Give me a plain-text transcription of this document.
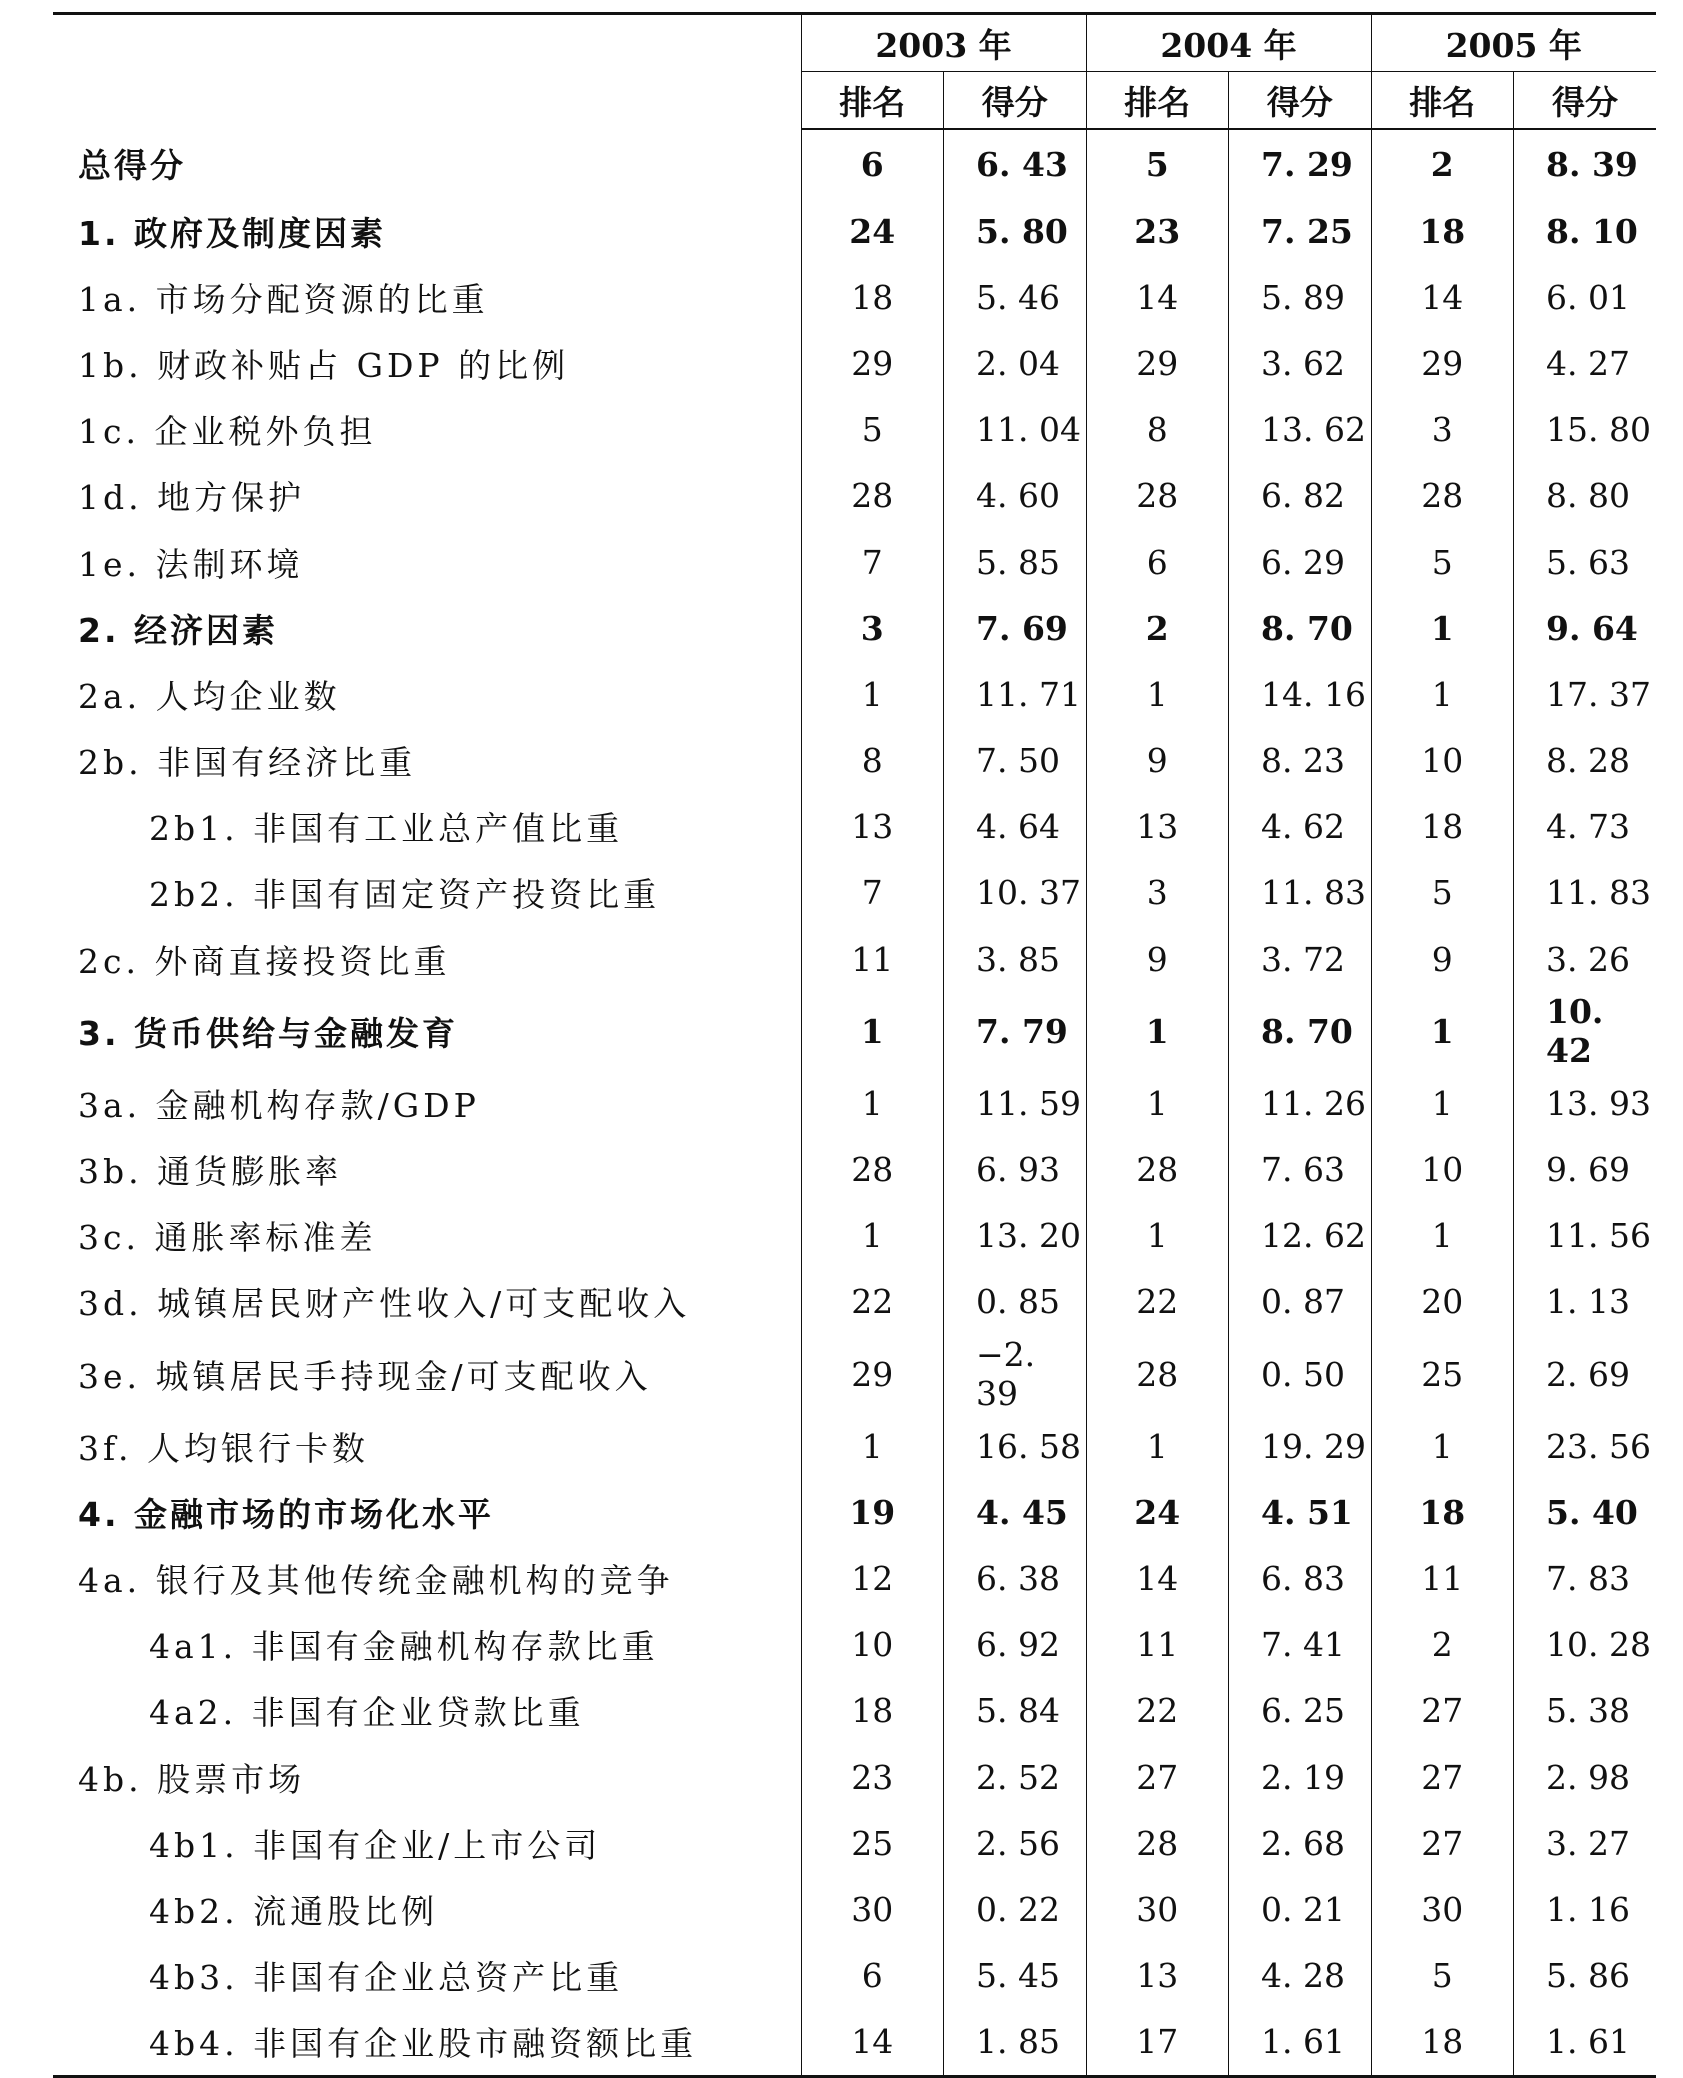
	2003 年		2004 年		2005 年	
	排名	得分	排名	得分	排名	得分
总得分	6	6. 43	5	7. 29	2	8. 39
1. 政府及制度因素	24	5. 80	23	7. 25	18	8. 10
1a. 市场分配资源的比重	18	5. 46	14	5. 89	14	6. 01
1b. 财政补贴占 GDP 的比例	29	2. 04	29	3. 62	29	4. 27
1c. 企业税外负担	5	11. 04	8	13. 62	3	15. 80
1d. 地方保护	28	4. 60	28	6. 82	28	8. 80
1e. 法制环境	7	5. 85	6	6. 29	5	5. 63
2. 经济因素	3	7. 69	2	8. 70	1	9. 64
2a. 人均企业数	1	11. 71	1	14. 16	1	17. 37
2b. 非国有经济比重	8	7. 50	9	8. 23	10	8. 28
2b1. 非国有工业总产值比重	13	4. 64	13	4. 62	18	4. 73
2b2. 非国有固定资产投资比重	7	10. 37	3	11. 83	5	11. 83
2c. 外商直接投资比重	11	3. 85	9	3. 72	9	3. 26
3. 货币供给与金融发育	1	7. 79	1	8. 70	1	10. 42
3a. 金融机构存款/GDP	1	11. 59	1	11. 26	1	13. 93
3b. 通货膨胀率	28	6. 93	28	7. 63	10	9. 69
3c. 通胀率标准差	1	13. 20	1	12. 62	1	11. 56
3d. 城镇居民财产性收入/可支配收入	22	0. 85	22	0. 87	20	1. 13
3e. 城镇居民手持现金/可支配收入	29	−2. 39	28	0. 50	25	2. 69
3f. 人均银行卡数	1	16. 58	1	19. 29	1	23. 56
4. 金融市场的市场化水平	19	4. 45	24	4. 51	18	5. 40
4a. 银行及其他传统金融机构的竞争	12	6. 38	14	6. 83	11	7. 83
4a1. 非国有金融机构存款比重	10	6. 92	11	7. 41	2	10. 28
4a2. 非国有企业贷款比重	18	5. 84	22	6. 25	27	5. 38
4b. 股票市场	23	2. 52	27	2. 19	27	2. 98
4b1. 非国有企业/上市公司	25	2. 56	28	2. 68	27	3. 27
4b2. 流通股比例	30	0. 22	30	0. 21	30	1. 16
4b3. 非国有企业总资产比重	6	5. 45	13	4. 28	5	5. 86
4b4. 非国有企业股市融资额比重	14	1. 85	17	1. 61	18	1. 61
